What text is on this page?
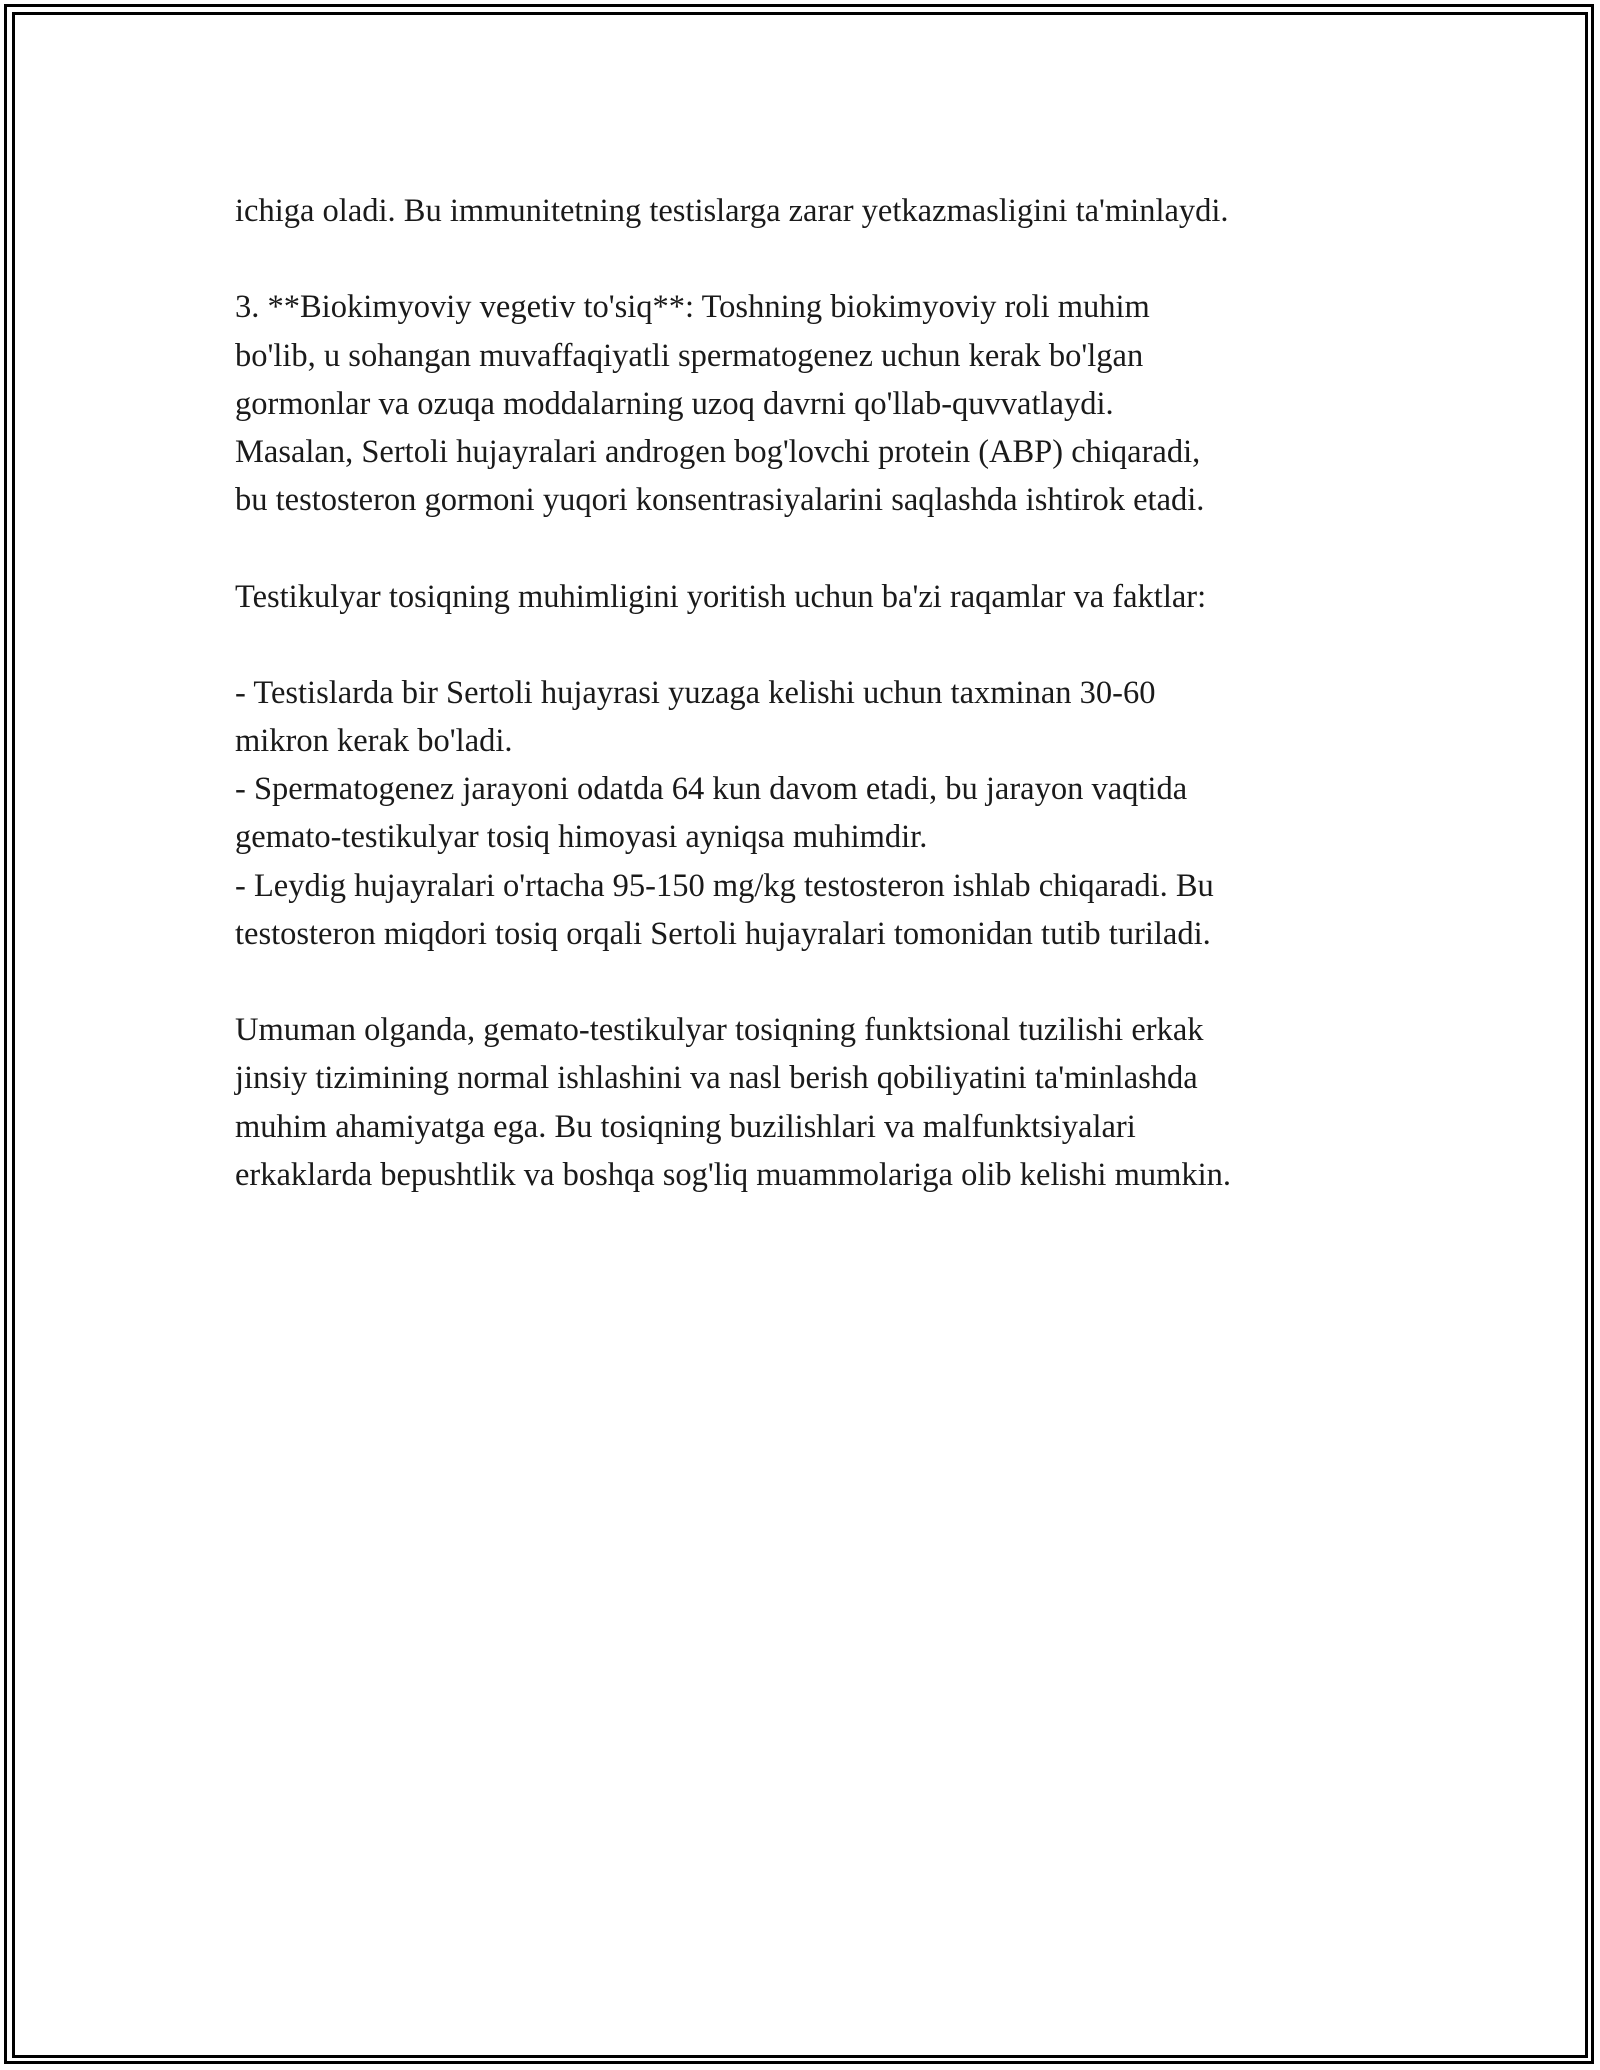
ichiga oladi. Bu immunitetning testislarga zarar yetkazmasligini ta'minlaydi.
3. **Biokimyoviy vegetiv to'siq**: Toshning biokimyoviy roli muhim
bo'lib, u sohangan muvaffaqiyatli spermatogenez uchun kerak bo'lgan
gormonlar va ozuqa moddalarning uzoq davrni qo'llab-quvvatlaydi.
Masalan, Sertoli hujayralari androgen bog'lovchi protein (ABP) chiqaradi,
bu testosteron gormoni yuqori konsentrasiyalarini saqlashda ishtirok etadi.
Testikulyar tosiqning muhimligini yoritish uchun ba'zi raqamlar va faktlar:
- Testislarda bir Sertoli hujayrasi yuzaga kelishi uchun taxminan 30-60
mikron kerak bo'ladi.
- Spermatogenez jarayoni odatda 64 kun davom etadi, bu jarayon vaqtida
gemato-testikulyar tosiq himoyasi ayniqsa muhimdir.
- Leydig hujayralari o'rtacha 95-150 mg/kg testosteron ishlab chiqaradi. Bu
testosteron miqdori tosiq orqali Sertoli hujayralari tomonidan tutib turiladi.
Umuman olganda, gemato-testikulyar tosiqning funktsional tuzilishi erkak
jinsiy tizimining normal ishlashini va nasl berish qobiliyatini ta'minlashda
muhim ahamiyatga ega. Bu tosiqning buzilishlari va malfunktsiyalari
erkaklarda bepushtlik va boshqa sog'liq muammolariga olib kelishi mumkin.
